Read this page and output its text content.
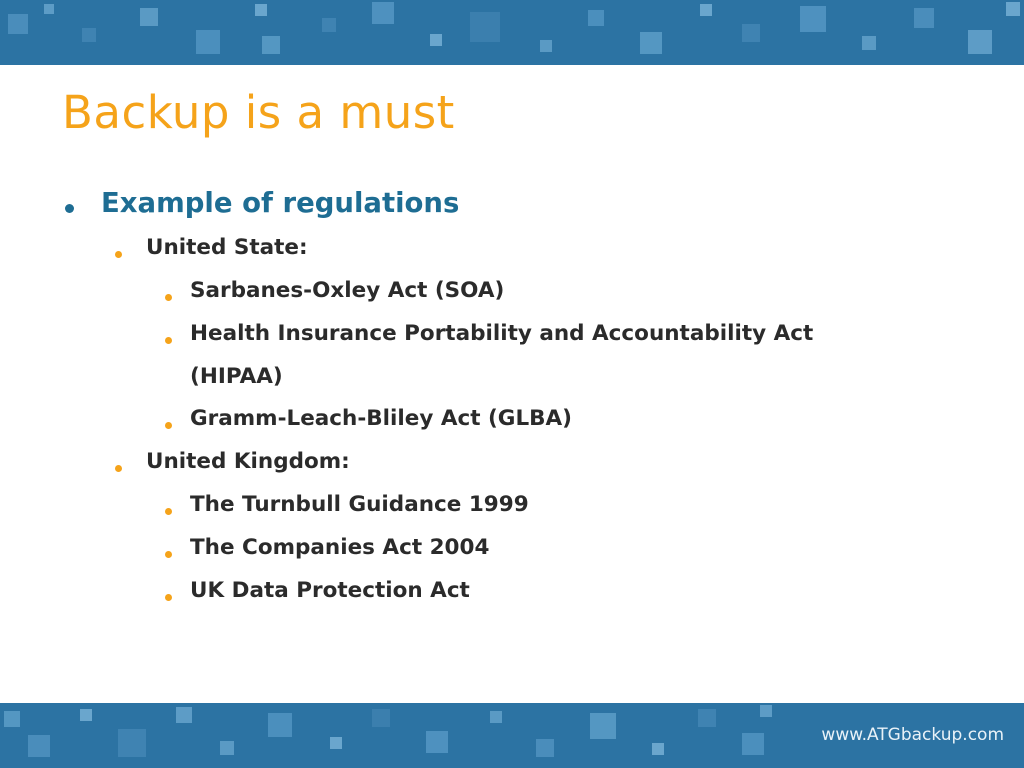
Backup is a must
Example of regulations
United State:
Sarbanes-Oxley Act (SOA)
Health Insurance Portability and Accountability Act
(HIPAA)
Gramm-Leach-Bliley Act (GLBA)
United Kingdom:
The Turnbull Guidance 1999
The Companies Act 2004
UK Data Protection Act
www.ATGbackup.com
